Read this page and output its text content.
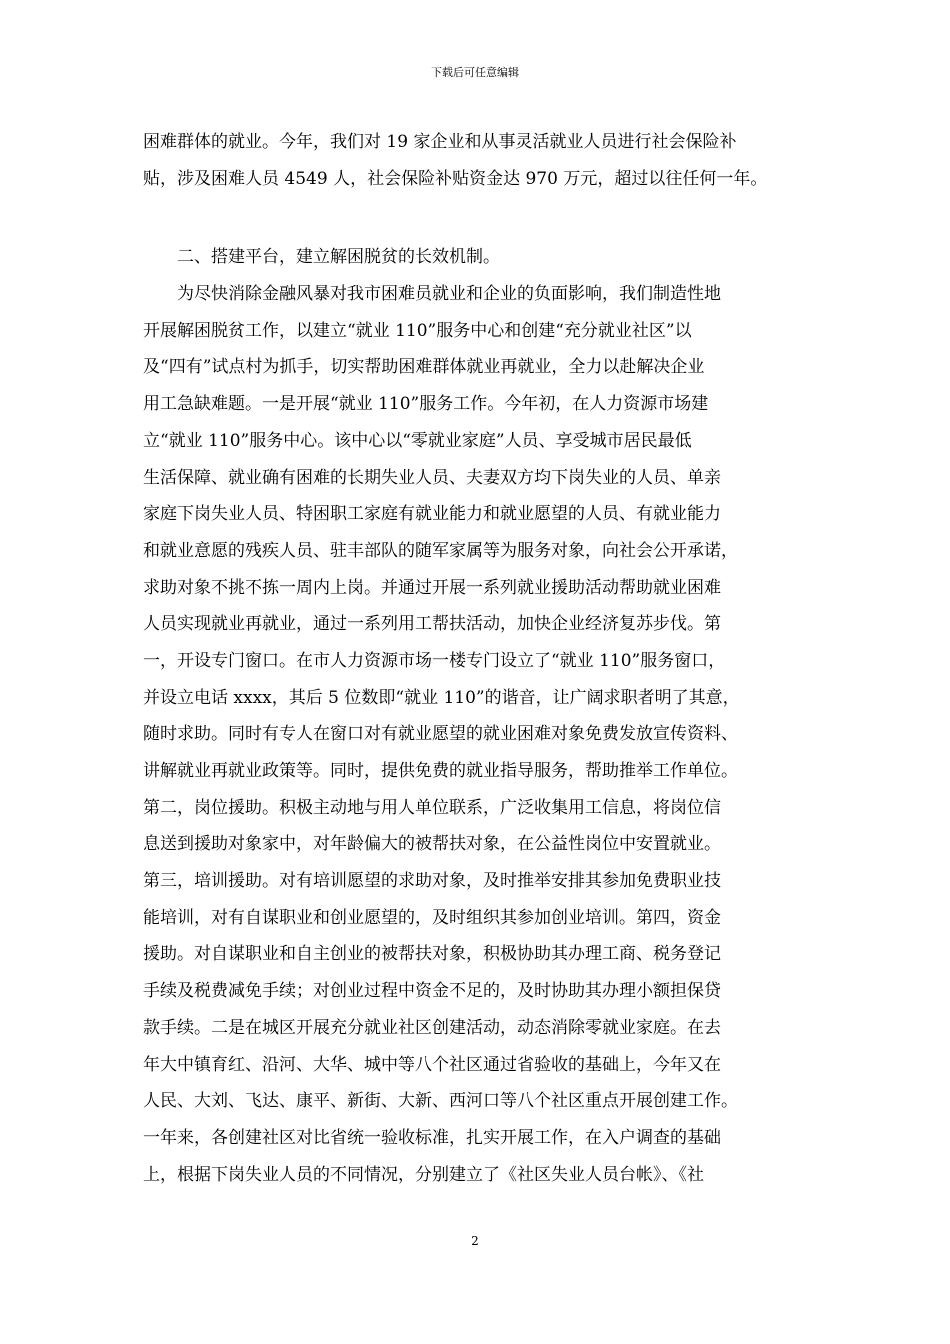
下载后可任意编辑
困难群体的就业。今年，我们对 19 家企业和从事灵活就业人员进行社会保险补
贴，涉及困难人员 4549 人，社会保险补贴资金达 970 万元，超过以往任何一年。
二、搭建平台，建立解困脱贫的长效机制。
为尽快消除金融风暴对我市困难员就业和企业的负面影响，我们制造性地
开展解困脱贫工作，以建立“就业 110”服务中心和创建“充分就业社区”以
及“四有”试点村为抓手，切实帮助困难群体就业再就业，全力以赴解决企业
用工急缺难题。一是开展“就业 110”服务工作。今年初，在人力资源市场建
立“就业 110”服务中心。该中心以“零就业家庭”人员、享受城市居民最低
生活保障、就业确有困难的长期失业人员、夫妻双方均下岗失业的人员、单亲
家庭下岗失业人员、特困职工家庭有就业能力和就业愿望的人员、有就业能力
和就业意愿的残疾人员、驻丰部队的随军家属等为服务对象，向社会公开承诺，
求助对象不挑不拣一周内上岗。并通过开展一系列就业援助活动帮助就业困难
人员实现就业再就业，通过一系列用工帮扶活动，加快企业经济复苏步伐。第
一，开设专门窗口。在市人力资源市场一楼专门设立了“就业 110”服务窗口，
并设立电话 xxxx，其后 5 位数即“就业 110”的谐音，让广阔求职者明了其意，
随时求助。同时有专人在窗口对有就业愿望的就业困难对象免费发放宣传资料、
讲解就业再就业政策等。同时，提供免费的就业指导服务，帮助推举工作单位。
第二，岗位援助。积极主动地与用人单位联系，广泛收集用工信息，将岗位信
息送到援助对象家中，对年龄偏大的被帮扶对象，在公益性岗位中安置就业。
第三，培训援助。对有培训愿望的求助对象，及时推举安排其参加免费职业技
能培训，对有自谋职业和创业愿望的，及时组织其参加创业培训。第四，资金
援助。对自谋职业和自主创业的被帮扶对象，积极协助其办理工商、税务登记
手续及税费减免手续；对创业过程中资金不足的，及时协助其办理小额担保贷
款手续。二是在城区开展充分就业社区创建活动，动态消除零就业家庭。在去
年大中镇育红、沿河、大华、城中等八个社区通过省验收的基础上，今年又在
人民、大刘、飞达、康平、新街、大新、西河口等八个社区重点开展创建工作。
一年来，各创建社区对比省统一验收标准，扎实开展工作，在入户调查的基础
上，根据下岗失业人员的不同情况，分别建立了《社区失业人员台帐》、《社
2
